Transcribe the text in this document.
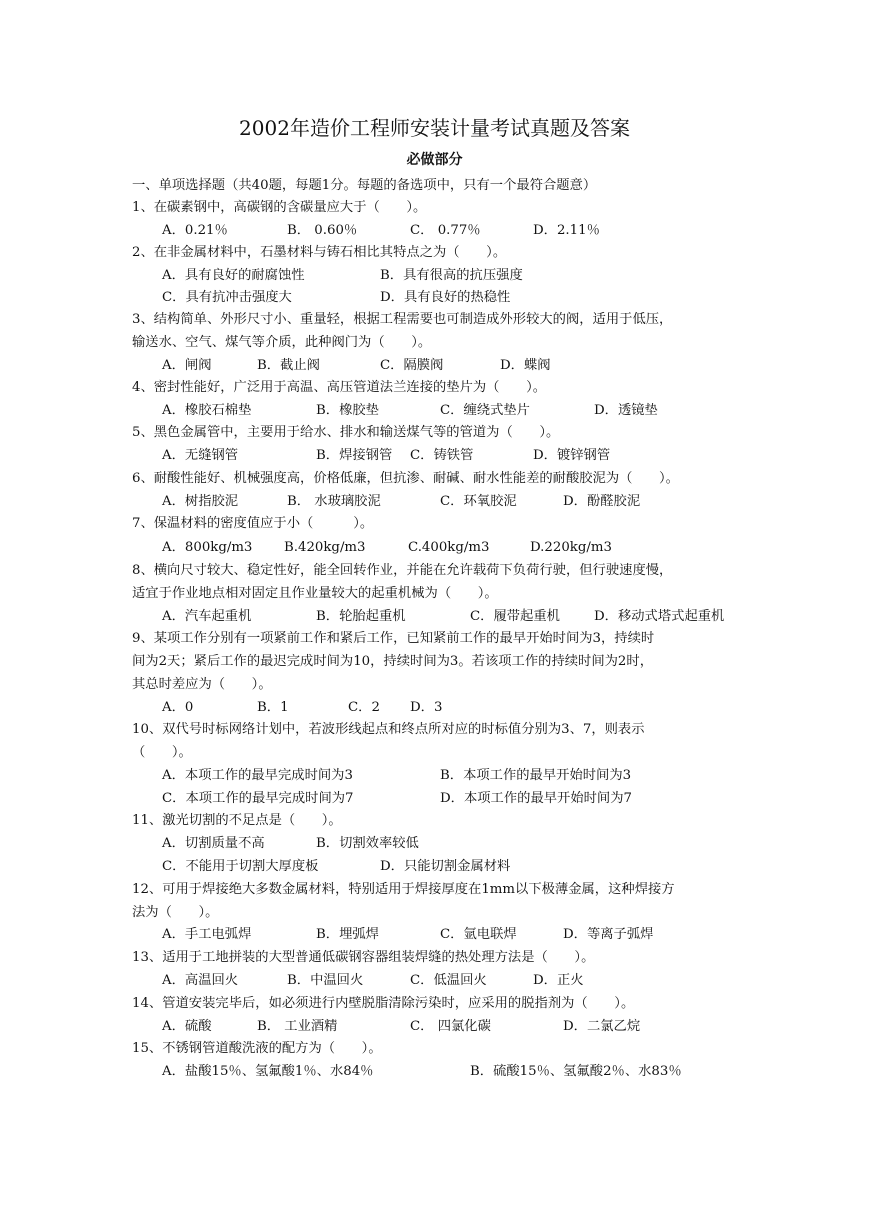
2002年造价工程师安装计量考试真题及答案
必做部分
一、单项选择题（共40题，每题1分。每题的备选项中，只有一个最符合题意）
1、在碳素钢中，高碳钢的含碳量应大于（　　）。
A．0.21％	B． 0.60％	C． 0.77％	D．2.11％
2、在非金属材料中，石墨材料与铸石相比其特点之为（　　）。
A．具有良好的耐腐蚀性	B．具有很高的抗压强度
C．具有抗冲击强度大	D．具有良好的热稳性
3、结构简单、外形尺寸小、重量轻，根据工程需要也可制造成外形较大的阀，适用于低压，
输送水、空气、煤气等介质，此种阀门为（　　）。
A．闸阀	B．截止阀	C．隔膜阀	D．蝶阀
4、密封性能好，广泛用于高温、高压管道法兰连接的垫片为（　　）。
A．橡胶石棉垫	B．橡胶垫	C．缠绕式垫片	D．透镜垫
5、黑色金属管中，主要用于给水、排水和输送煤气等的管道为（　　）。
A．无缝钢管	B．焊接钢管 C．铸铁管	D．镀锌钢管
6、耐酸性能好、机械强度高，价格低廉，但抗渗、耐碱、耐水性能差的耐酸胶泥为（　　）。
A．树指胶泥	B． 水玻璃胶泥	C．环氧胶泥	D．酚醛胶泥
7、保温材料的密度值应于小（　　　）。
A．800kg/m3 B.420kg/m3	C.400kg/m3	D.220kg/m3
8、横向尺寸较大、稳定性好，能全回转作业，并能在允许载荷下负荷行驶，但行驶速度慢，
适宜于作业地点相对固定且作业量较大的起重机械为（　　）。
A．汽车起重机	B．轮胎起重机	C．履带起重机	D．移动式塔式起重机
9、某项工作分别有一项紧前工作和紧后工作，已知紧前工作的最早开始时间为3，持续时
间为2天；紧后工作的最迟完成时间为10，持续时间为3。若该项工作的持续时间为2时，
其总时差应为（　　）。
A．0	B．1	C．2 D．3
10、双代号时标网络计划中，若波形线起点和终点所对应的时标值分别为3、7，则表示
（　　）。
A．本项工作的最早完成时间为3	B．本项工作的最早开始时间为3
C．本项工作的最早完成时间为7	D．本项工作的最早开始时间为7
11、激光切割的不足点是（　　）。
A．切割质量不高	B．切割效率较低
C．不能用于切割大厚度板	D．只能切割金属材料
12、可用于焊接绝大多数金属材料，特别适用于焊接厚度在1mm以下极薄金属，这种焊接方
法为（　　）。
A．手工电弧焊	B．埋弧焊	C．氩电联焊	D．等离子弧焊
13、适用于工地拼装的大型普通低碳钢容器组装焊缝的热处理方法是（　　）。
A．高温回火	B．中温回火	C．低温回火	D．正火
14、管道安装完毕后，如必须进行内壁脱脂清除污染时，应采用的脱指剂为（　　）。
A．硫酸	B． 工业酒精	C． 四氯化碳	D．二氯乙烷
15、不锈钢管道酸洗液的配方为（　　）。
A．盐酸15％、氢氟酸1％、水84％	B．硫酸15％、氢氟酸2％、水83％
